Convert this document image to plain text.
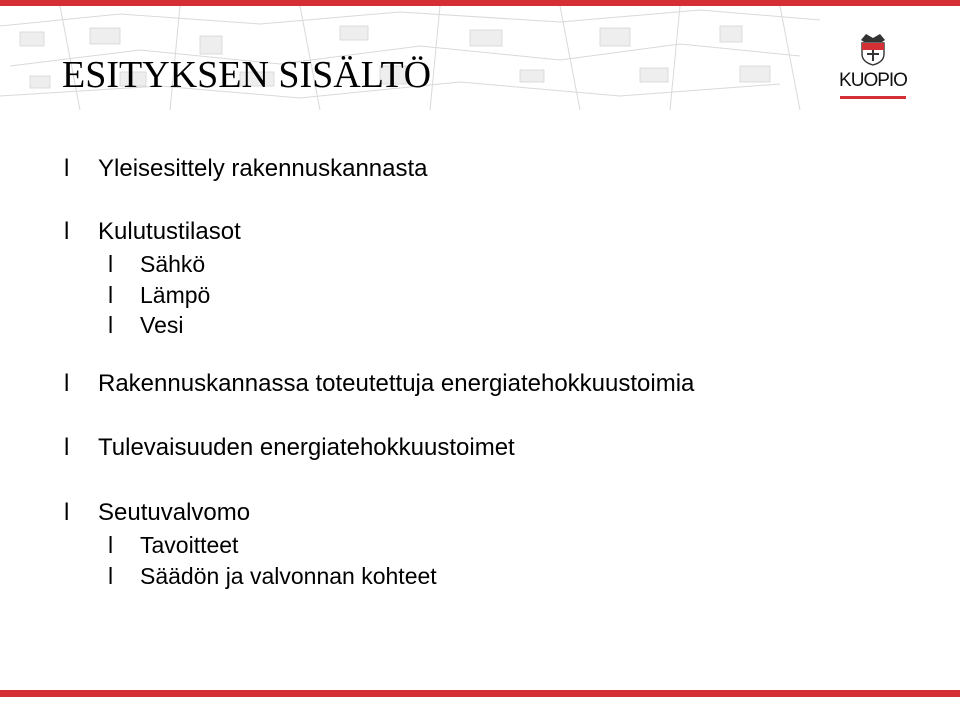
ESITYKSEN SISÄLTÖ	KUOPIO
l Yleisesittely rakennuskannasta
l Kulutustilasot
l Sähkö
l Lämpö
l Vesi
l Rakennuskannassa toteutettuja energiatehokkuustoimia
l Tulevaisuuden energiatehokkuustoimet
l Seutuvalvomo
l Tavoitteet
l Säädön ja valvonnan kohteet
